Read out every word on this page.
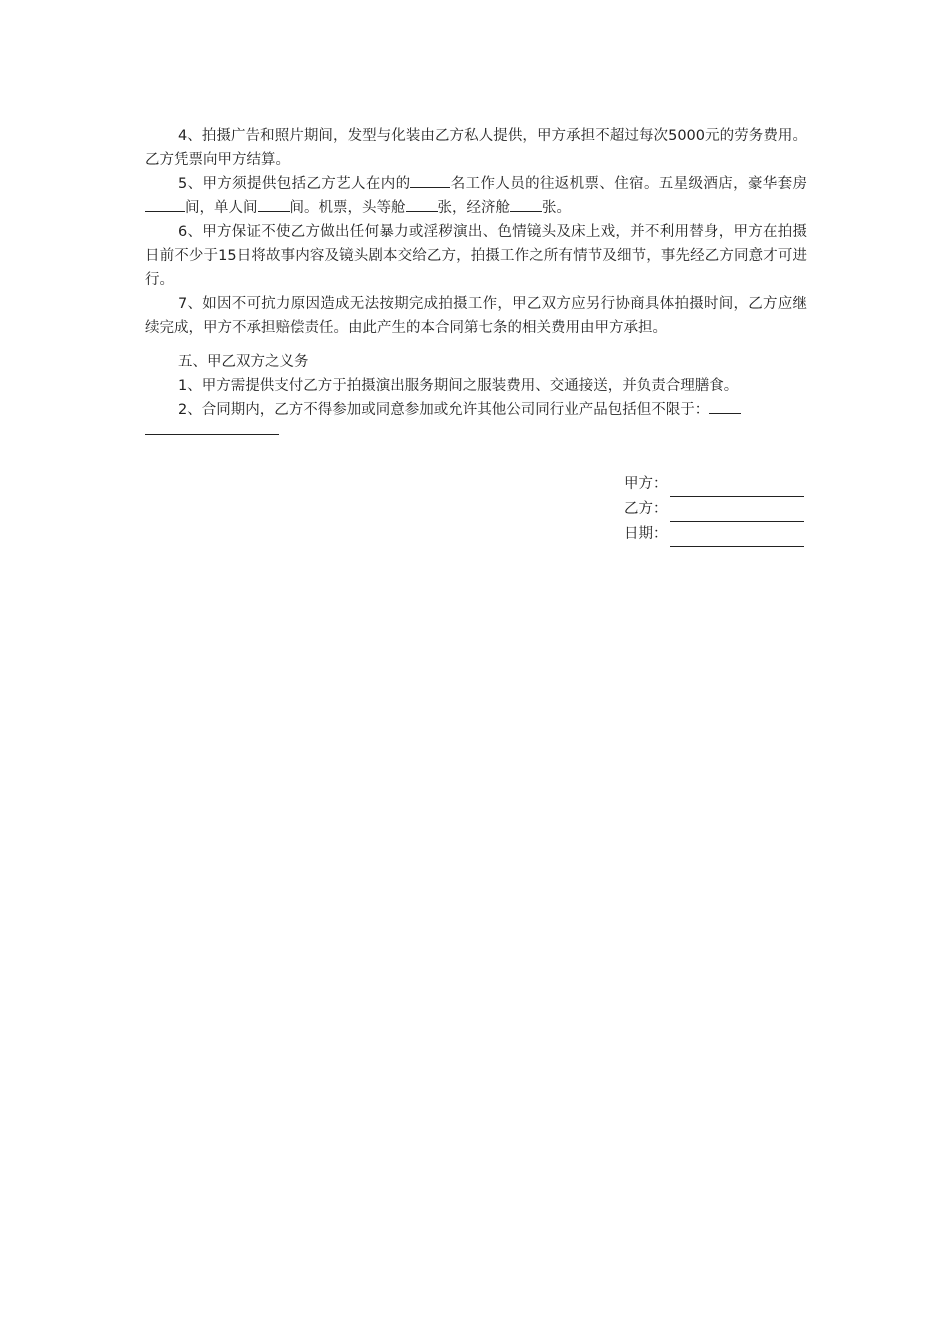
4、拍摄广告和照片期间，发型与化装由乙方私人提供，甲方承担不超过每次5000元的劳务费用。乙方凭票向甲方结算。

5、甲方须提供包括乙方艺人在内的	名工作人员的往返机票、住宿。五星级酒店，豪华套房间，单人间 间。机票，头等舱 张，经济舱 张。

6、甲方保证不使乙方做出任何暴力或淫秽演出、色情镜头及床上戏，并不利用替身，甲方在拍摄日前不少于15日将故事内容及镜头剧本交给乙方，拍摄工作之所有情节及细节，事先经乙方同意才可进行。

7、如因不可抗力原因造成无法按期完成拍摄工作，甲乙双方应另行协商具体拍摄时间，乙方应继续完成，甲方不承担赔偿责任。由此产生的本合同第七条的相关费用由甲方承担。

五、甲乙双方之义务

1、甲方需提供支付乙方于拍摄演出服务期间之服装费用、交通接送，并负责合理膳食。

2、合同期内，乙方不得参加或同意参加或允许其他公司同行业产品包括但不限于：

甲方：
乙方：
日期：
